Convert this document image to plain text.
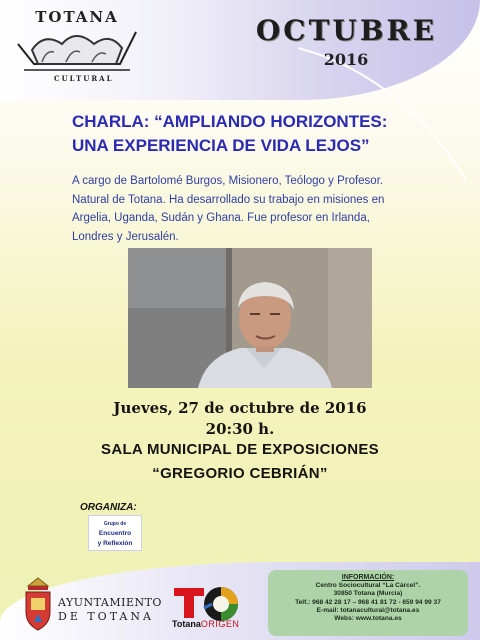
TOTANA
CULTURAL
OCTUBRE
2016
CHARLA: “AMPLIANDO HORIZONTES:
UNA EXPERIENCIA DE VIDA LEJOS”
A cargo de Bartolomé Burgos, Misionero, Teólogo y Profesor.
Natural de Totana. Ha desarrollado su trabajo en misiones en
Argelia, Uganda, Sudán y Ghana. Fue profesor en Irlanda,
Londres y Jerusalén.
Jueves, 27 de octubre de 2016
20:30 h.
SALA MUNICIPAL DE EXPOSICIONES
“GREGORIO CEBRIÁN”
ORGANIZA:
Grupo de
Encuentro
y Reflexión
AYUNTAMIENTO
DE TOTANA
TotanaORIGEN
INFORMACIÓN:
Centro Sociocultural “La Cárcel”.
30850 Totana (Murcia)
Telf.: 968 42 28 17 – 968 41 81 72 - 659 94 99 37
E-mail: totanacultural@totana.es
Webs: www.totana.es
